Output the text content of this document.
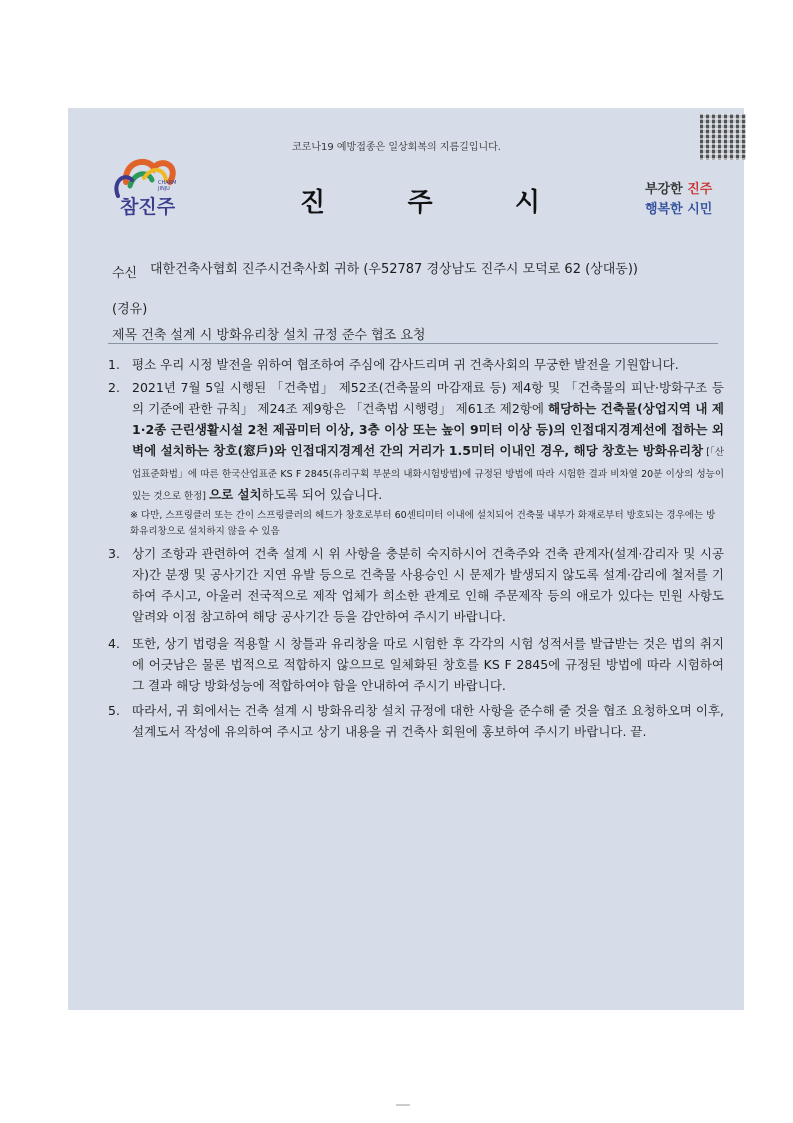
코로나19 예방접종은 일상회복의 지름길입니다.
참진주
CHARM JINJU	진	주	시	부강한 진주
행복한 시민
수신 대한건축사협회 진주시건축사회 귀하 (우52787 경상남도 진주시 모덕로 62 (상대동))
(경유)
제목 건축 설계 시 방화유리창 설치 규정 준수 협조 요청
1. 평소 우리 시정 발전을 위하여 협조하여 주심에 감사드리며 귀 건축사회의 무궁한 발전을 기원합니다.
2. 2021년 7월 5일 시행된 「건축법」 제52조(건축물의 마감재료 등) 제4항 및 「건축물의 피난·방화구조 등의 기준에 관한 규칙」 제24조 제9항은 「건축법 시행령」 제61조 제2항에 해당하는 건축물(상업지역 내 제1·2종 근린생활시설 2천 제곱미터 이상, 3층 이상 또는 높이 9미터 이상 등)의 인접대지경계선에 접하는 외벽에 설치하는 창호(窓戶)와 인접대지경계선 간의 거리가 1.5미터 이내인 경우, 해당 창호는 방화유리창 [「산업표준화법」에 따른 한국산업표준 KS F 2845(유리구획 부분의 내화시험방법)에 규정된 방법에 따라 시험한 결과 비차열 20분 이상의 성능이 있는 것으로 한정] 으로 설치하도록 되어 있습니다.
※ 다만, 스프링클러 또는 간이 스프링클러의 헤드가 창호로부터 60센티미터 이내에 설치되어 건축물 내부가 화재로부터 방호되는 경우에는 방화유리창으로 설치하지 않을 수 있음
3. 상기 조항과 관련하여 건축 설계 시 위 사항을 충분히 숙지하시어 건축주와 건축 관계자(설계·감리자 및 시공자)간 분쟁 및 공사기간 지연 유발 등으로 건축물 사용승인 시 문제가 발생되지 않도록 설계·감리에 철저를 기하여 주시고, 아울러 전국적으로 제작 업체가 희소한 관계로 인해 주문제작 등의 애로가 있다는 민원 사항도 알려와 이점 참고하여 해당 공사기간 등을 감안하여 주시기 바랍니다.
4. 또한, 상기 법령을 적용할 시 창틀과 유리창을 따로 시험한 후 각각의 시험 성적서를 발급받는 것은 법의 취지에 어긋남은 물론 법적으로 적합하지 않으므로 일체화된 창호를 KS F 2845에 규정된 방법에 따라 시험하여 그 결과 해당 방화성능에 적합하여야 함을 안내하여 주시기 바랍니다.
5. 따라서, 귀 회에서는 건축 설계 시 방화유리창 설치 규정에 대한 사항을 준수해 줄 것을 협조 요청하오며 이후, 설계도서 작성에 유의하여 주시고 상기 내용을 귀 건축사 회원에 홍보하여 주시기 바랍니다. 끝.
